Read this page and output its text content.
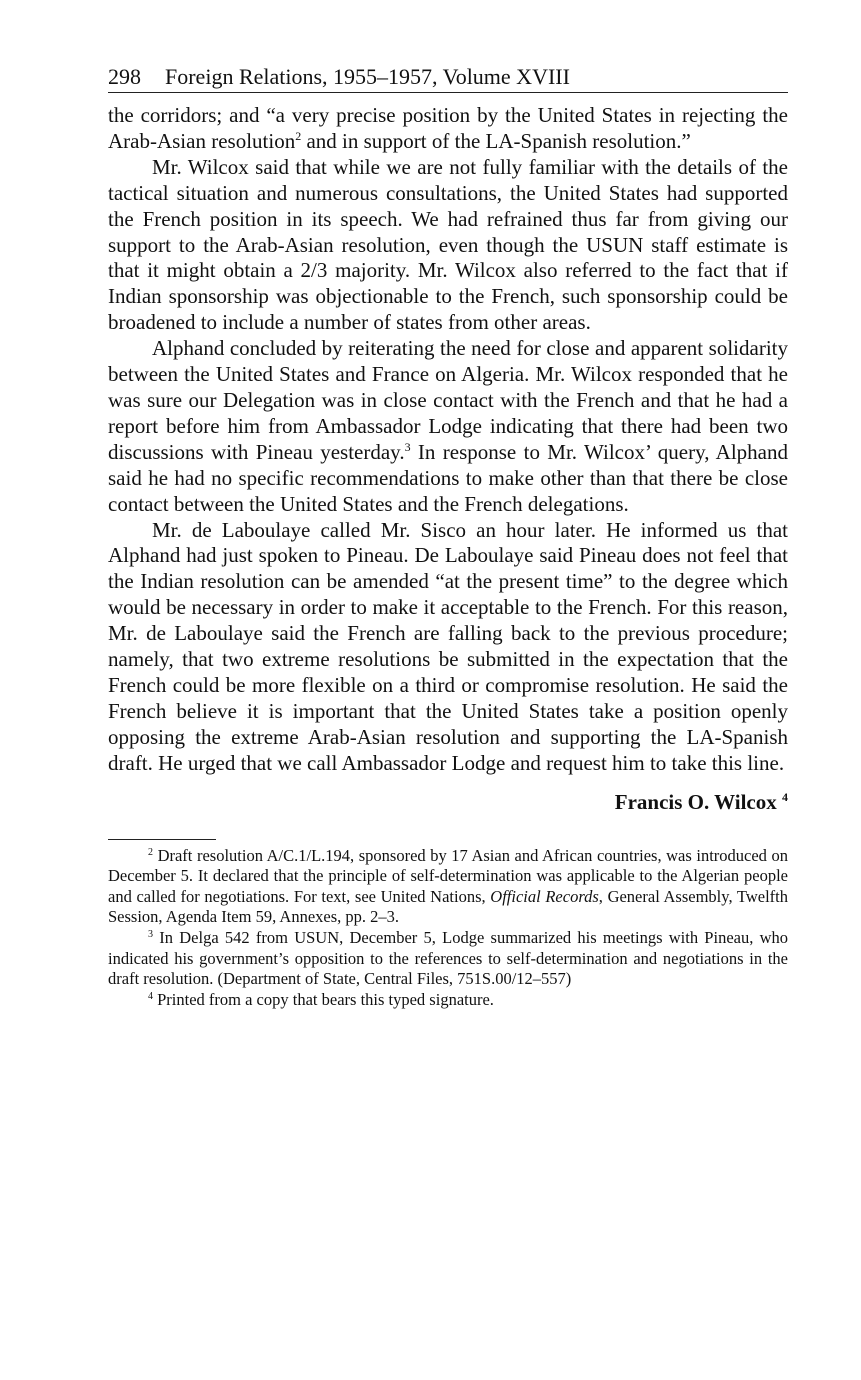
298 Foreign Relations, 1955–1957, Volume XVIII

the corridors; and “a very precise position by the United States in rejecting the Arab-Asian resolution$^2$ and in support of the LA-Spanish resolution.”

Mr. Wilcox said that while we are not fully familiar with the details of the tactical situation and numerous consultations, the United States had supported the French position in its speech. We had refrained thus far from giving our support to the Arab-Asian resolution, even though the USUN staff estimate is that it might obtain a 2/3 majority. Mr. Wilcox also referred to the fact that if Indian sponsorship was objectionable to the French, such sponsorship could be broadened to include a number of states from other areas.

Alphand concluded by reiterating the need for close and apparent solidarity between the United States and France on Algeria. Mr. Wilcox responded that he was sure our Delegation was in close contact with the French and that he had a report before him from Ambassador Lodge indicating that there had been two discussions with Pineau yesterday.$^3$ In response to Mr. Wilcox’ query, Alphand said he had no specific recommendations to make other than that there be close contact between the United States and the French delegations.

Mr. de Laboulaye called Mr. Sisco an hour later. He informed us that Alphand had just spoken to Pineau. De Laboulaye said Pineau does not feel that the Indian resolution can be amended “at the present time” to the degree which would be necessary in order to make it acceptable to the French. For this reason, Mr. de Laboulaye said the French are falling back to the previous procedure; namely, that two extreme resolutions be submitted in the expectation that the French could be more flexible on a third or compromise resolution. He said the French believe it is important that the United States take a position openly opposing the extreme Arab-Asian resolution and supporting the LA-Spanish draft. He urged that we call Ambassador Lodge and request him to take this line.

Francis O. Wilcox $^4$

$^2$ Draft resolution A/C.1/L.194, sponsored by 17 Asian and African countries, was introduced on December 5. It declared that the principle of self-determination was applicable to the Algerian people and called for negotiations. For text, see United Nations, Official Records, General Assembly, Twelfth Session, Agenda Item 59, Annexes, pp. 2–3.

$^3$ In Delga 542 from USUN, December 5, Lodge summarized his meetings with Pineau, who indicated his government’s opposition to the references to self-determination and negotiations in the draft resolution. (Department of State, Central Files, 751S.00/12–557)

$^4$ Printed from a copy that bears this typed signature.
